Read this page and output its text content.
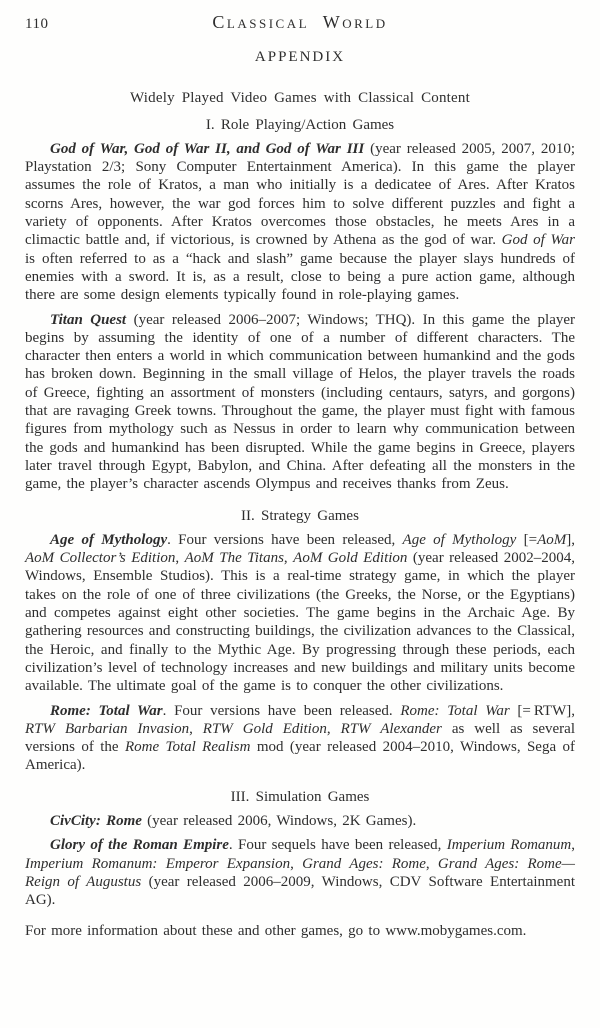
110	Classical World
APPENDIX
Widely Played Video Games with Classical Content
I. Role Playing/Action Games

God of War, God of War II, and God of War III (year released 2005, 2007, 2010; Playstation 2/3; Sony Computer Entertainment America). In this game the player assumes the role of Kratos, a man who initially is a dedicatee of Ares. After Kratos scorns Ares, however, the war god forces him to solve different puzzles and fight a variety of opponents. After Kratos overcomes those obstacles, he meets Ares in a climactic battle and, if victorious, is crowned by Athena as the god of war. God of War is often referred to as a “hack and slash” game because the player slays hundreds of enemies with a sword. It is, as a result, close to being a pure action game, although there are some design elements typically found in role-playing games.

Titan Quest (year released 2006–2007; Windows; THQ). In this game the player begins by assuming the identity of one of a number of different characters. The character then enters a world in which communication between humankind and the gods has broken down. Beginning in the small village of Helos, the player travels the roads of Greece, fighting an assortment of monsters (including centaurs, satyrs, and gorgons) that are ravaging Greek towns. Throughout the game, the player must fight with famous figures from mythology such as Nessus in order to learn why communication between the gods and humankind has been disrupted. While the game begins in Greece, players later travel through Egypt, Babylon, and China. After defeating all the monsters in the game, the player’s character ascends Olympus and receives thanks from Zeus.

II. Strategy Games

Age of Mythology. Four versions have been released, Age of Mythology [=AoM], AoM Collector’s Edition, AoM The Titans, AoM Gold Edition (year released 2002–2004, Windows, Ensemble Studios). This is a real-time strategy game, in which the player takes on the role of one of three civilizations (the Greeks, the Norse, or the Egyptians) and competes against eight other societies. The game begins in the Archaic Age. By gathering resources and constructing buildings, the civilization advances to the Classical, the Heroic, and finally to the Mythic Age. By progressing through these periods, each civilization’s level of technology increases and new buildings and military units become available. The ultimate goal of the game is to conquer the other civilizations.

Rome: Total War. Four versions have been released. Rome: Total War [= RTW], RTW Barbarian Invasion, RTW Gold Edition, RTW Alexander as well as several versions of the Rome Total Realism mod (year released 2004–2010, Windows, Sega of America).

III. Simulation Games

CivCity: Rome (year released 2006, Windows, 2K Games).

Glory of the Roman Empire. Four sequels have been released, Imperium Romanum, Imperium Romanum: Emperor Expansion, Grand Ages: Rome, Grand Ages: Rome—Reign of Augustus (year released 2006–2009, Windows, CDV Software Entertainment AG).

For more information about these and other games, go to www.mobygames.com.
